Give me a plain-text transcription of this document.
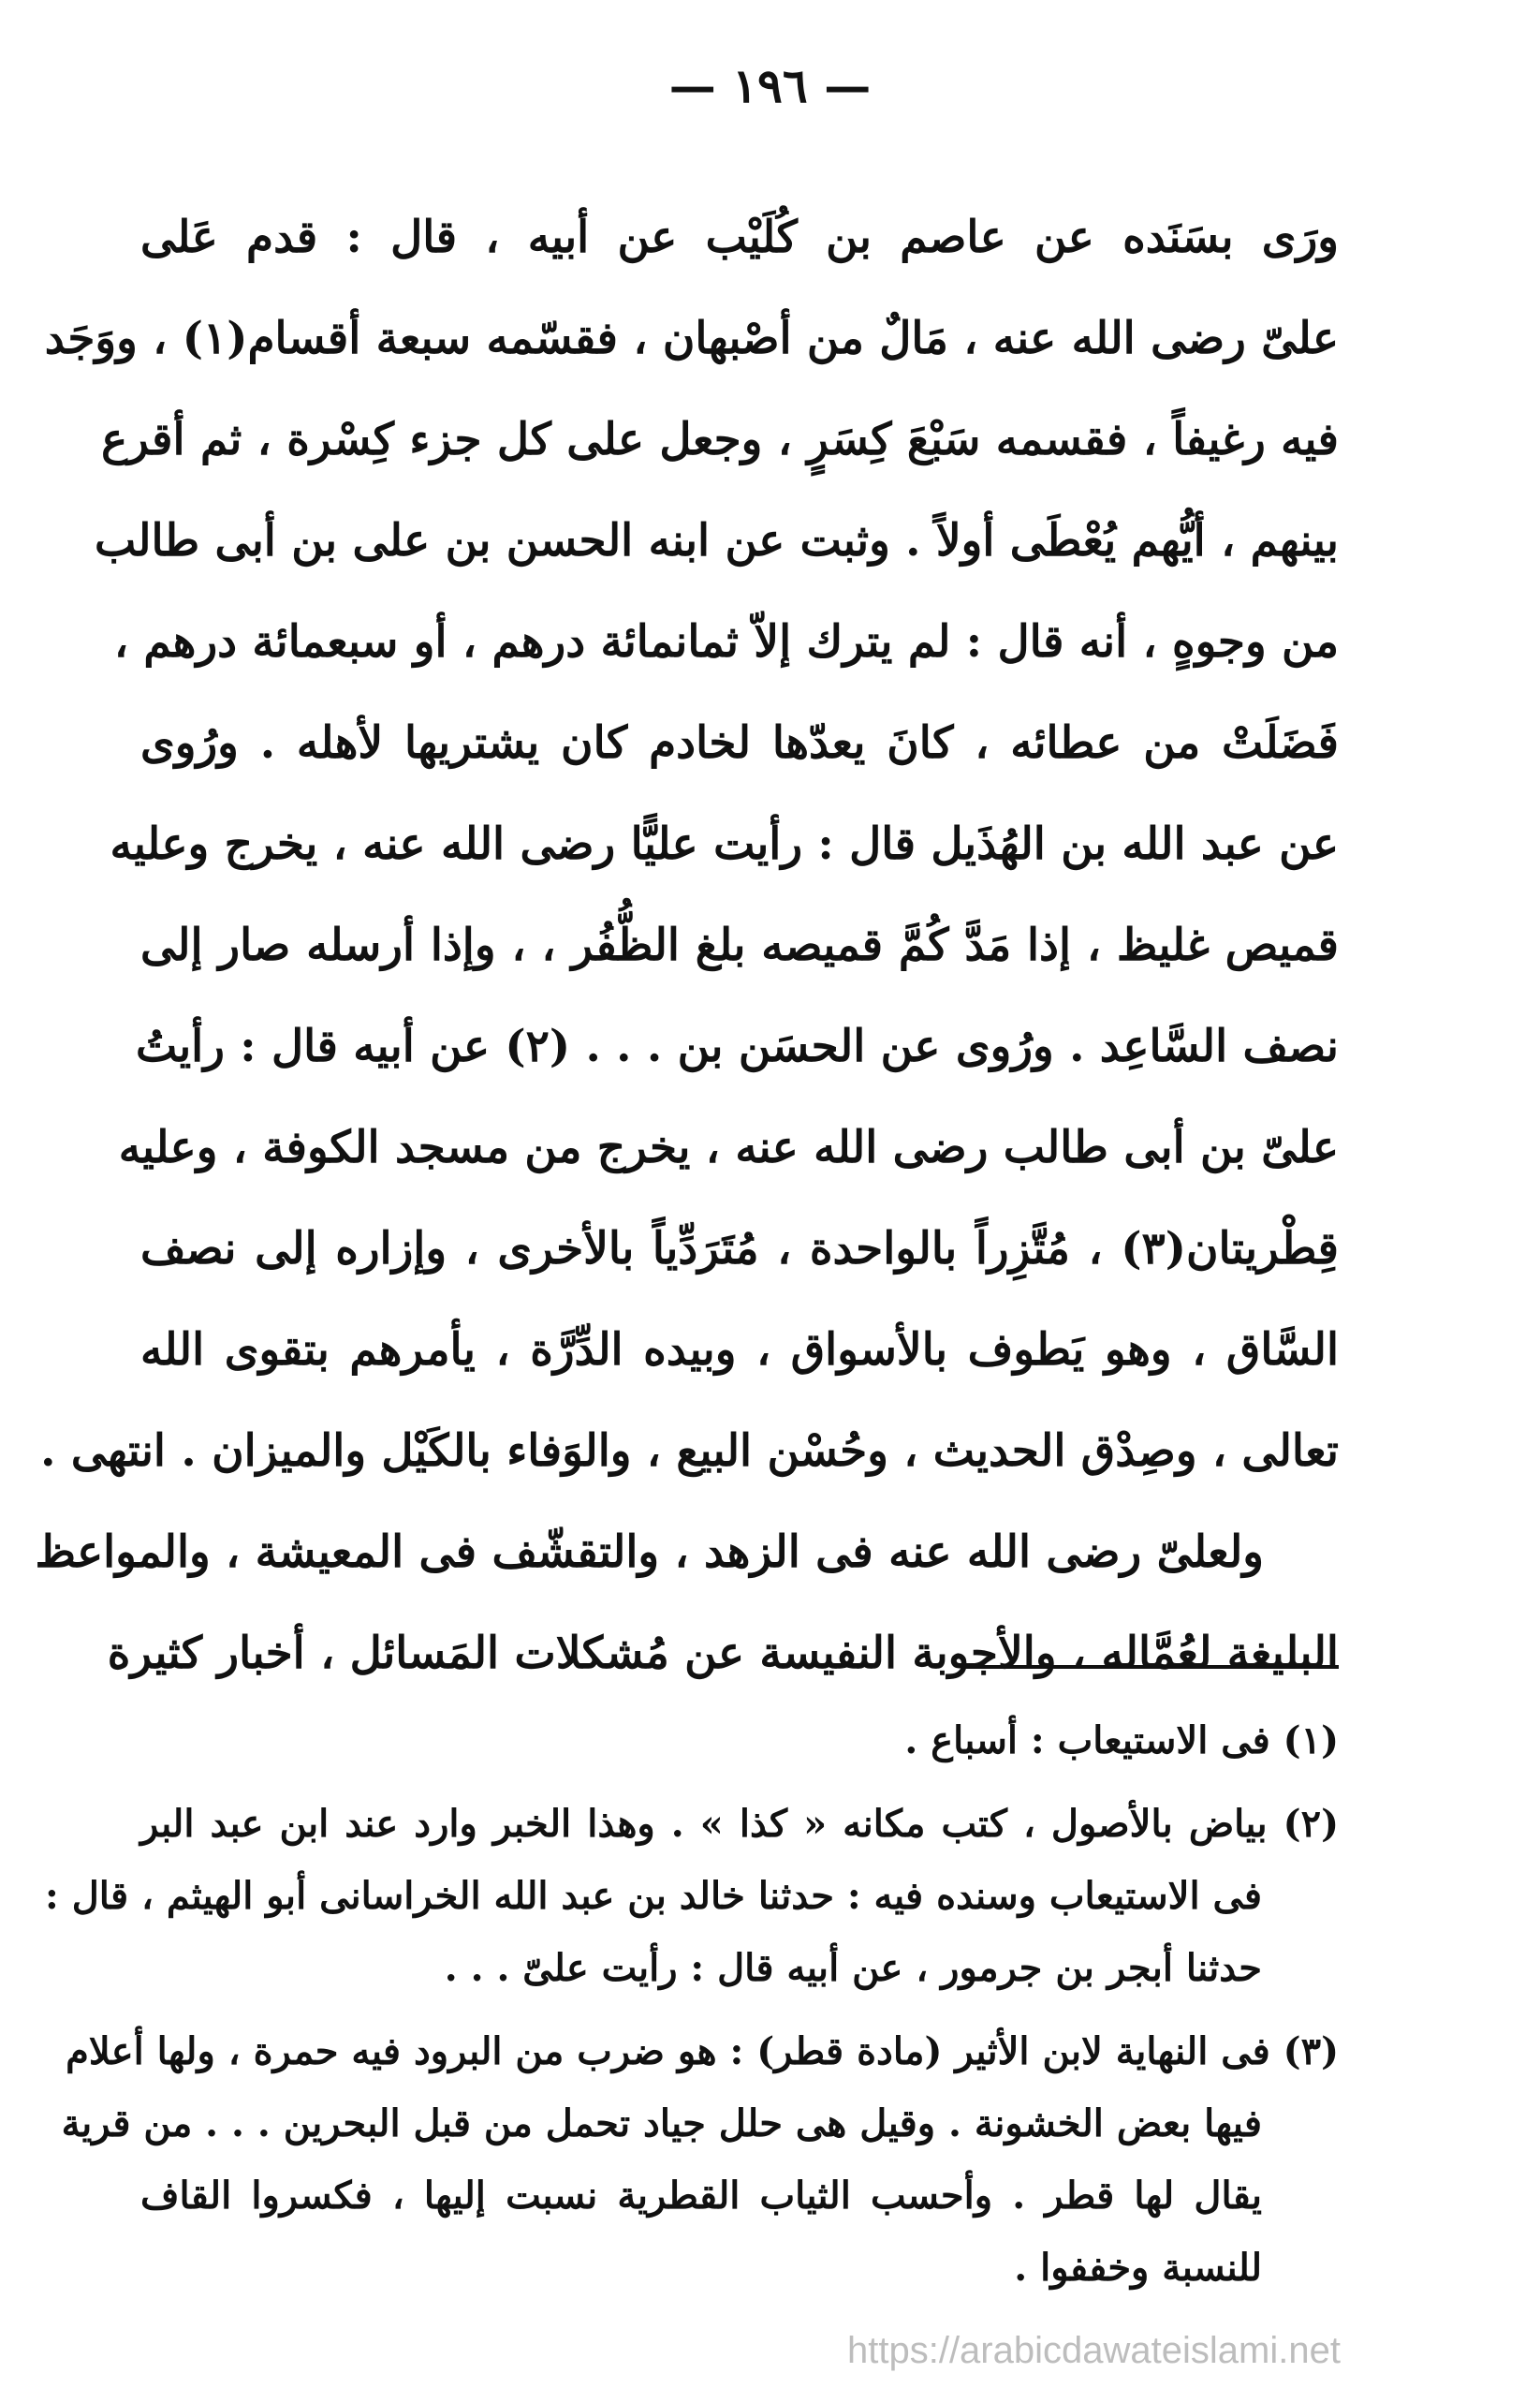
— ١٩٦ —
ورَى بسَنَده عن عاصم بن كُلَيْب عن أبيه ، قال : قدم عَلى
علىّ رضى الله عنه ، مَالٌ من أصْبهان ، فقسّمه سبعة أقسام(١) ، ووَجَد
فيه رغيفاً ، فقسمه سَبْعَ كِسَرٍ ، وجعل على كل جزء كِسْرة ، ثم أقرع
بينهم ، أيُّهم يُعْطَى أولاً . وثبت عن ابنه الحسن بن على بن أبى طالب
من وجوهٍ ، أنه قال : لم يترك إلاّ ثمانمائة درهم ، أو سبعمائة درهم ،
فَضَلَتْ من عطائه ، كانَ يعدّها لخادم كان يشتريها لأهله . ورُوى
عن عبد الله بن الهُذَيل قال : رأيت عليًّا رضى الله عنه ، يخرج وعليه
قميص غليظ ، إذا مَدَّ كُمَّ قميصه بلغ الظُّفُر ، ، وإذا أرسله صار إلى
نصف السَّاعِد . ورُوى عن الحسَن بن . . . (٢) عن أبيه قال : رأيتُ
علىّ بن أبى طالب رضى الله عنه ، يخرج من مسجد الكوفة ، وعليه
قِطْريتان(٣) ، مُتَّزِراً بالواحدة ، مُتَرَدِّياً بالأخرى ، وإزاره إلى نصف
السَّاق ، وهو يَطوف بالأسواق ، وبيده الدِّرَّة ، يأمرهم بتقوى الله
تعالى ، وصِدْق الحديث ، وحُسْن البيع ، والوَفاء بالكَيْل والميزان . انتهى .
ولعلىّ رضى الله عنه فى الزهد ، والتقشّف فى المعيشة ، والمواعظ
البليغة لعُمَّاله ، والأجوبة النفيسة عن مُشكلات المَسائل ، أخبار كثيرة
(١) فى الاستيعاب : أسباع .
(٢) بياض بالأصول ، كتب مكانه « كذا » . وهذا الخبر وارد عند ابن عبد البر
فى الاستيعاب وسنده فيه : حدثنا خالد بن عبد الله الخراسانى أبو الهيثم ، قال :
حدثنا أبجر بن جرمور ، عن أبيه قال : رأيت علىّ . . .
(٣) فى النهاية لابن الأثير (مادة قطر) : هو ضرب من البرود فيه حمرة ، ولها أعلام
فيها بعض الخشونة . وقيل هى حلل جياد تحمل من قبل البحرين . . . من قرية
يقال لها قطر . وأحسب الثياب القطرية نسبت إليها ، فكسروا القاف
للنسبة وخففوا .
https://arabicdawateislami.net
